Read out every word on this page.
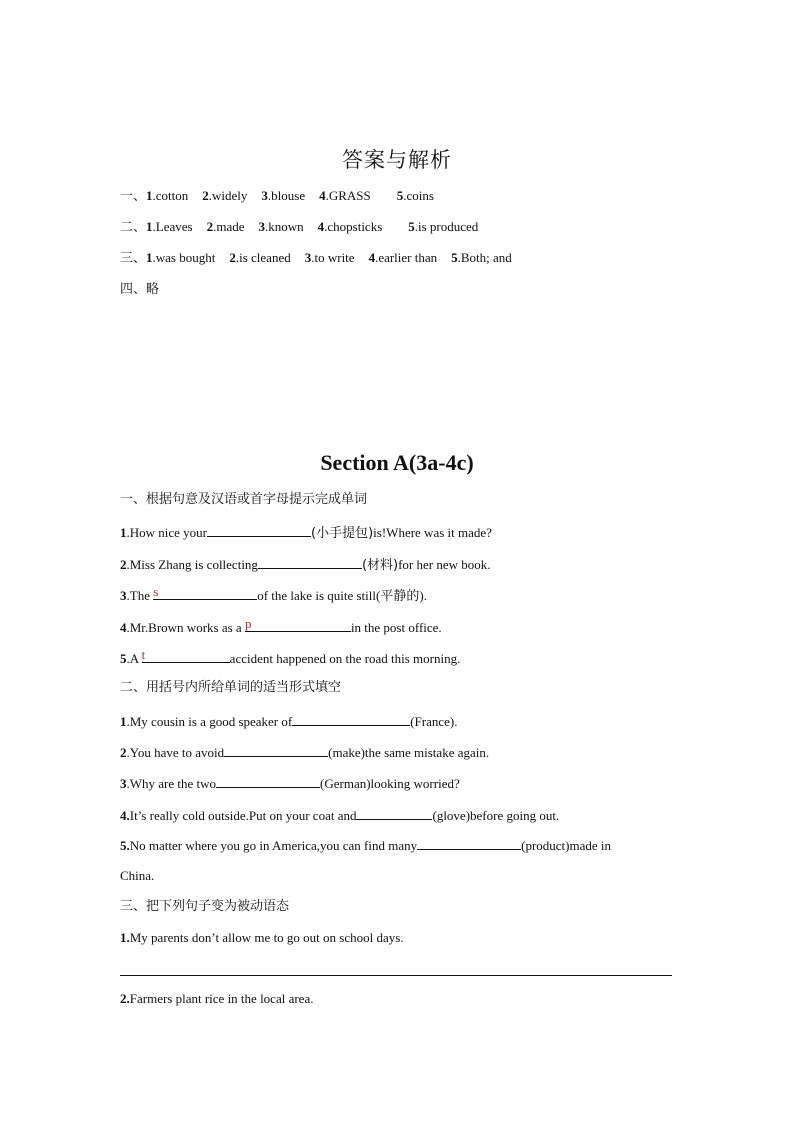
答案与解析
一、1.cotton 2.widely 3.blouse 4.GRASS 5.coins
二、1.Leaves 2.made 3.known 4.chopsticks 5.is produced
三、1.was bought 2.is cleaned 3.to write 4.earlier than 5.Both; and
四、略
Section A(3a-4c)
一、根据句意及汉语或首字母提示完成单词
1.How nice your	(小手提包)is!Where was it made?
2.Miss Zhang is collecting	(材料)for her new book.
3.The s	of the lake is quite still(平静的).
4.Mr.Brown works as a p	in the post office.
5.A t	accident happened on the road this morning.
二、用括号内所给单词的适当形式填空
1.My cousin is a good speaker of	(France).
2.You have to avoid	(make)the same mistake again.
3.Why are the two	(German)looking worried?
4.It’s really cold outside.Put on your coat and	(glove)before going out.
5.No matter where you go in America,you can find many	(product)made in
China.
三、把下列句子变为被动语态
1.My parents don’t allow me to go out on school days.
2.Farmers plant rice in the local area.
